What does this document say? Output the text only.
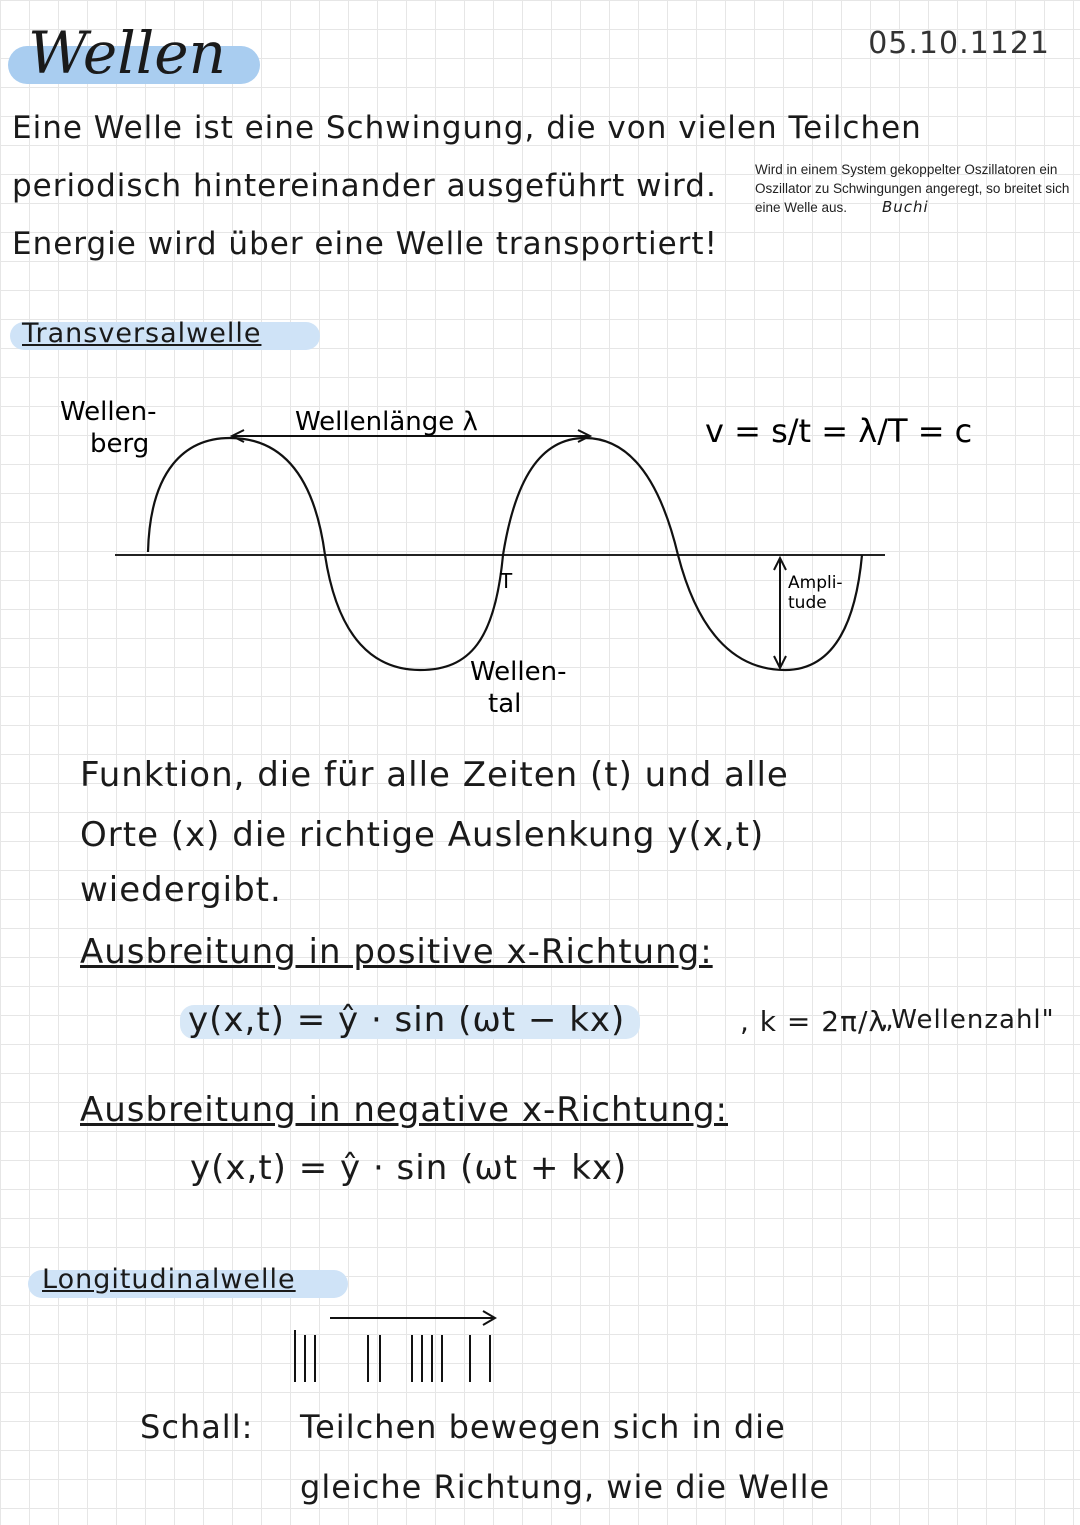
Wellen	05.10.1121
Eine Welle ist eine Schwingung, die von vielen Teilchen
periodisch hintereinander ausgeführt wird.
Energie wird über eine Welle transportiert!
Wird in einem System gekoppelter Oszillatoren ein Oszillator zu Schwingungen angeregt, so breitet sich eine Welle aus.	Buchi
Transversalwelle
Wellen-
berg
Wellenlänge λ
T
Wellen-
tal
Ampli-
tude
v = s/t = λ/T = c
Funktion, die für alle Zeiten (t) und alle
Orte (x) die richtige Auslenkung y(x,t)
wiedergibt.
Ausbreitung in positive x-Richtung:
y(x,t) = ŷ · sin (ωt − kx)	, k = 2π/λ
„Wellenzahl"
Ausbreitung in negative x-Richtung:
y(x,t) = ŷ · sin (ωt + kx)
Longitudinalwelle
Schall: Teilchen bewegen sich in die
gleiche Richtung, wie die Welle
